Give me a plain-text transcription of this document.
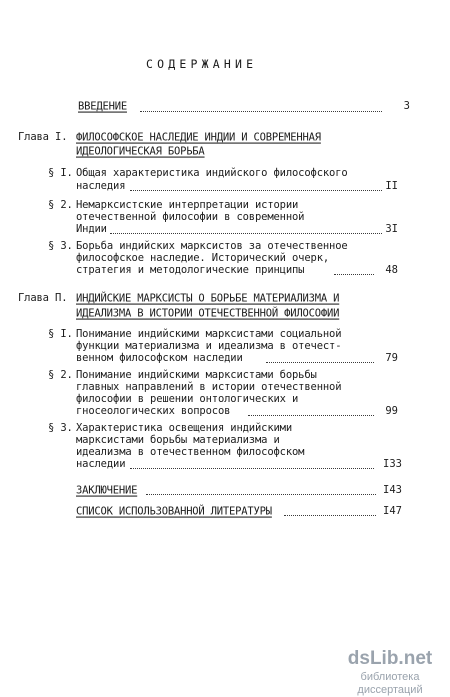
СОДЕРЖАНИЕ
ВВЕДЕНИЕ	3
Глава I. ФИЛОСОФСКОЕ НАСЛЕДИЕ ИНДИИ И СОВРЕМЕННАЯ
ИДЕОЛОГИЧЕСКАЯ БОРЬБА
§ I. Общая характеристика индийского философского
наследия	II
§ 2. Немарксистские интерпретации истории
отечественной философии в современной
Индии	3I
§ 3. Борьба индийских марксистов за отечественное
философское наследие. Исторический очерк,
стратегия и методологические принципы	48
Глава П. ИНДИЙСКИЕ МАРКСИСТЫ О БОРЬБЕ МАТЕРИАЛИЗМА И
ИДЕАЛИЗМА В ИСТОРИИ ОТЕЧЕСТВЕННОЙ ФИЛОСОФИИ
§ I. Понимание индийскими марксистами социальной
функции материализма и идеализма в отечест-
венном философском наследии	79
§ 2. Понимание индийскими марксистами борьбы
главных направлений в истории отечественной
философии в решении онтологических и
гносеологических вопросов	99
§ 3. Характеристика освещения индийскими
марксистами борьбы материализма и
идеализма в отечественном философском
наследии	I33
ЗАКЛЮЧЕНИЕ	I43
СПИСОК ИСПОЛЬЗОВАННОЙ ЛИТЕРАТУРЫ	I47
dsLib.net
библиотека диссертаций
